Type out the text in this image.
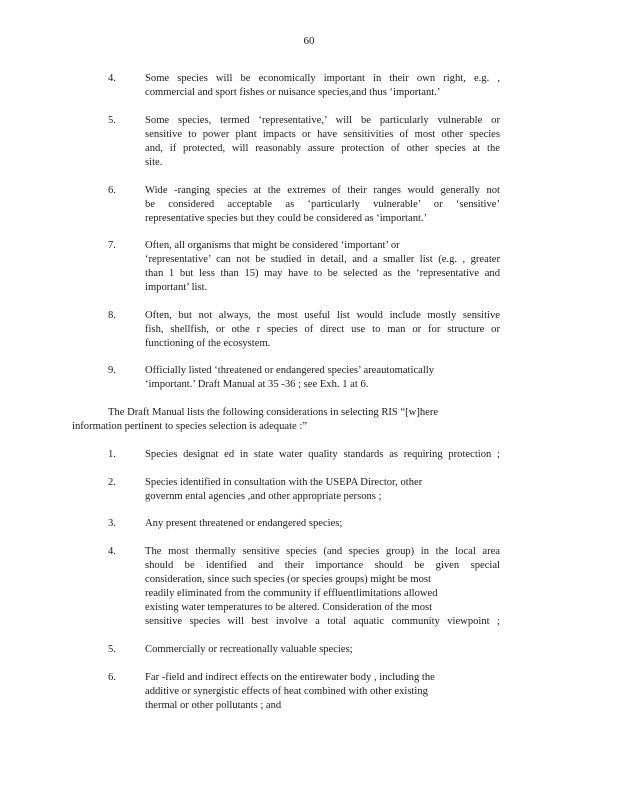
60
4.	Some species will be economically important in their own right, e.g. ,
commercial and sport fishes or nuisance species,and thus ‘important.’
5.	Some species, termed ‘representative,’ will be particularly vulnerable or
sensitive to power plant impacts or have sensitivities of most other species
and, if protected, will reasonably assure protection of other species at the
site.
6.	Wide -ranging species at the extremes of their ranges would generally not
be considered acceptable as ‘particularly vulnerable’ or ‘sensitive’
representative species but they could be considered as ‘important.’
7.	Often, all organisms that might be considered ‘important’ or
‘representative’ can not be studied in detail, and a smaller list (e.g. , greater
than 1 but less than 15) may have to be selected as the ‘representative and
important’ list.
8.	Often, but not always, the most useful list would include mostly sensitive
fish, shellfish, or othe r species of direct use to man or for structure or
functioning of the ecosystem.
9.	Officially listed ‘threatened or endangered species’ areautomatically
‘important.’ Draft Manual at 35 -36 ; see Exh. 1 at 6.
The Draft Manual lists the following considerations in selecting RIS “[w]here
information pertinent to species selection is adequate :”
1.	Species designat ed in state water quality standards as requiring protection ;
2.	Species identified in consultation with the USEPA Director, other
governm ental agencies ,and other appropriate persons ;
3.	Any present threatened or endangered species;
4.	The most thermally sensitive species (and species group) in the local area
should be identified and their importance should be given special
consideration, since such species (or species groups) might be most
readily eliminated from the community if effluentlimitations allowed
existing water temperatures to be altered. Consideration of the most
sensitive species will best involve a total aquatic community viewpoint ;
5.	Commercially or recreationally valuable species;
6.	Far -field and indirect effects on the entirewater body , including the
additive or synergistic effects of heat combined with other existing
thermal or other pollutants ; and
